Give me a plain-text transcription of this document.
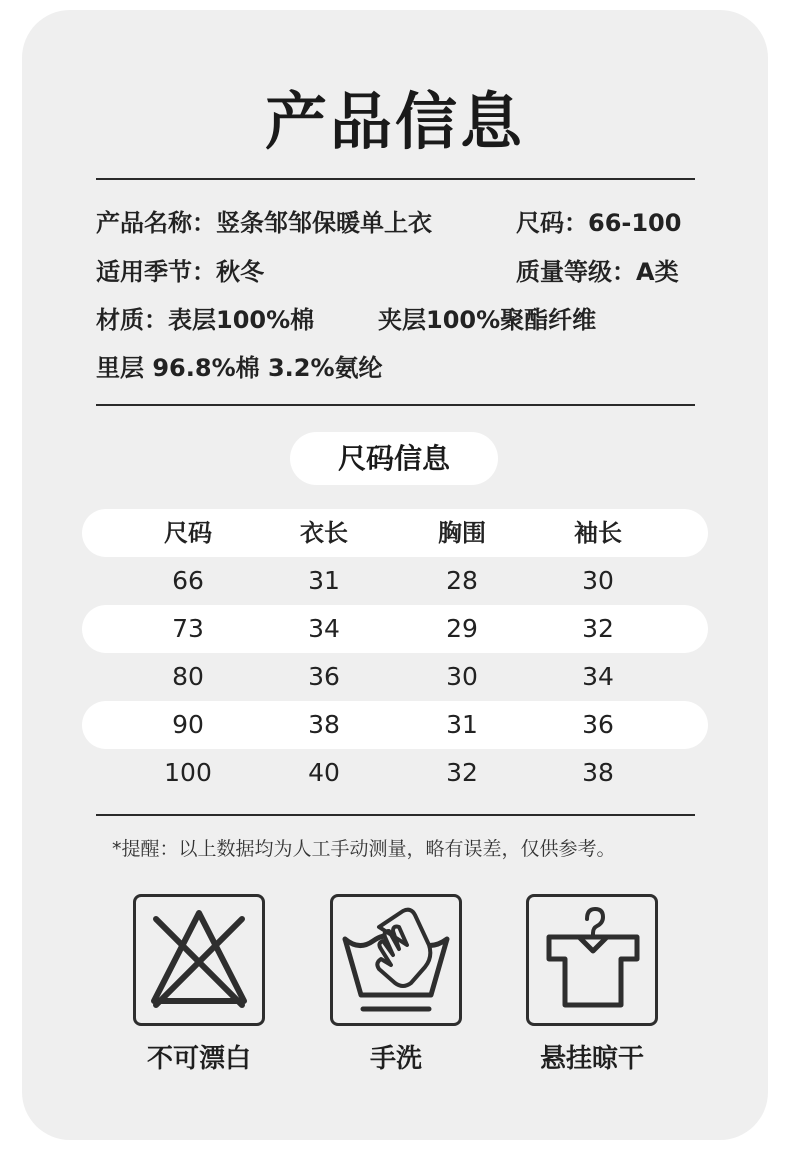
产品信息
产品名称：竖条邹邹保暖单上衣	尺码：66-100
适用季节：秋冬	质量等级：A类
材质：表层100%棉	夹层100%聚酯纤维
里层 96.8%棉 3.2%氨纶
尺码信息
尺码	衣长	胸围	袖长
66	31	28	30
73	34	29	32
80	36	30	34
90	38	31	36
100	40	32	38
*提醒：以上数据均为人工手动测量，略有误差，仅供参考。
不可漂白	手洗	悬挂晾干
